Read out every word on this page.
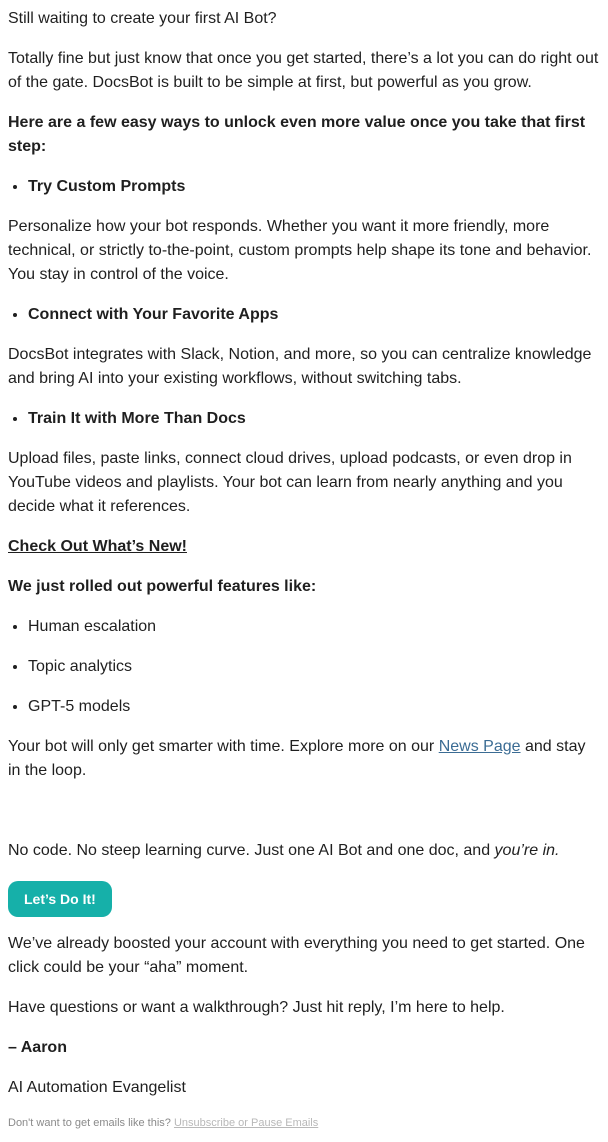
Still waiting to create your first AI Bot?

Totally fine but just know that once you get started, there’s a lot you can do right out of the gate. DocsBot is built to be simple at first, but powerful as you grow.

Here are a few easy ways to unlock even more value once you take that first step:

• Try Custom Prompts

Personalize how your bot responds. Whether you want it more friendly, more technical, or strictly to-the-point, custom prompts help shape its tone and behavior. You stay in control of the voice.

• Connect with Your Favorite Apps

DocsBot integrates with Slack, Notion, and more, so you can centralize knowledge and bring AI into your existing workflows, without switching tabs.

• Train It with More Than Docs

Upload files, paste links, connect cloud drives, upload podcasts, or even drop in YouTube videos and playlists. Your bot can learn from nearly anything and you decide what it references.

Check Out What’s New!

We just rolled out powerful features like:

• Human escalation
• Topic analytics
• GPT-5 models

Your bot will only get smarter with time. Explore more on our News Page and stay in the loop.

No code. No steep learning curve. Just one AI Bot and one doc, and you’re in.

Let’s Do It!

We’ve already boosted your account with everything you need to get started. One click could be your “aha” moment.

Have questions or want a walkthrough? Just hit reply, I’m here to help.

– Aaron

AI Automation Evangelist

Don't want to get emails like this? Unsubscribe or Pause Emails
